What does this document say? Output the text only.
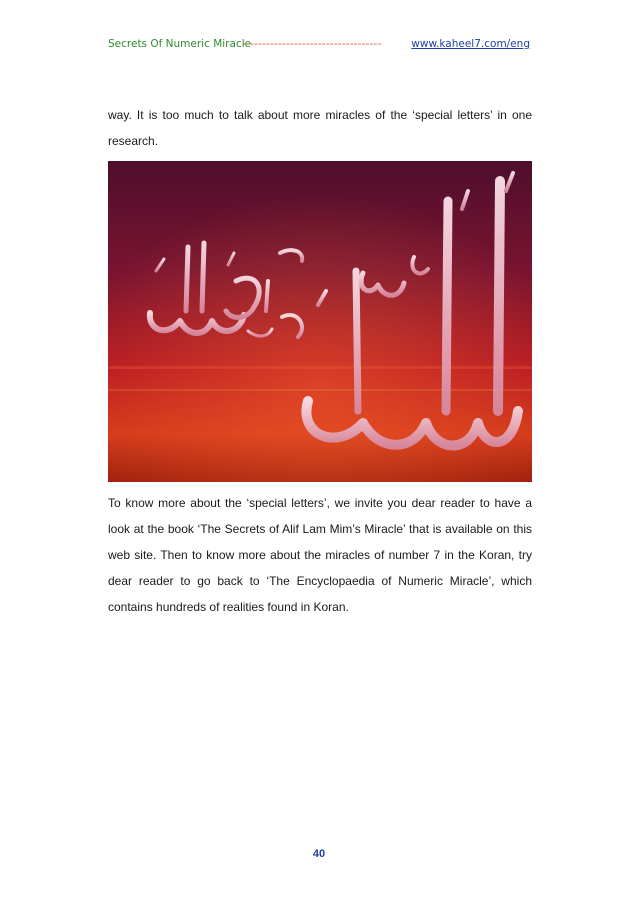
Secrets Of Numeric Miracle
-----------------------------------	www.kaheel7.com/eng
way. It is too much to talk about more miracles of the ‘special letters’ in one research.
To know more about the ‘special letters’, we invite you dear reader to have a look at the book ‘The Secrets of Alif Lam Mim’s Miracle’ that is available on this web site. Then to know more about the miracles of number 7 in the Koran, try dear reader to go back to ‘The Encyclopaedia of Numeric Miracle’, which contains hundreds of realities found in Koran.
40
